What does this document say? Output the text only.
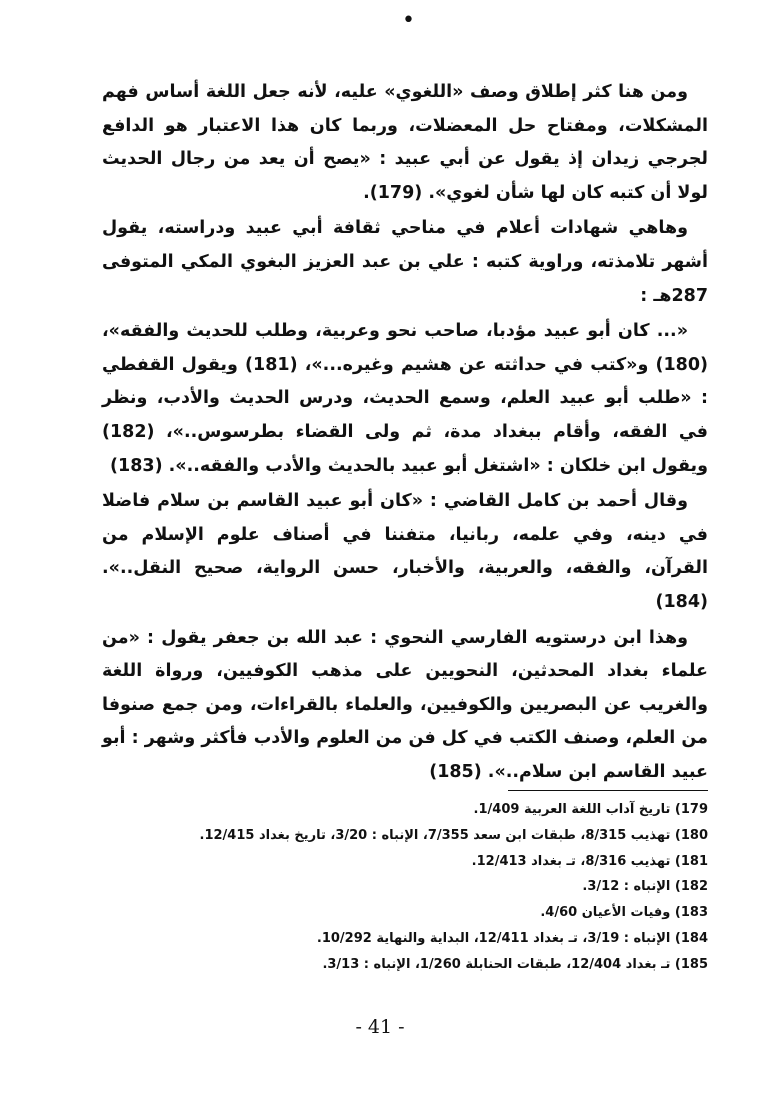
•

ومن هنا كثر إطلاق وصف «اللغوي» عليه، لأنه جعل اللغة أساس فهم المشكلات، ومفتاح حل المعضلات، وربما كان هذا الاعتبار هو الدافع لجرجي زيدان إذ يقول عن أبي عبيد : «يصح أن يعد من رجال الحديث لولا أن كتبه كان لها شأن لغوي». (179).

وهاهي شهادات أعلام في مناحي ثقافة أبي عبيد ودراسته، يقول أشهر تلامذته، وراوية كتبه : علي بن عبد العزيز البغوي المكي المتوفى 287هـ :

«... كان أبو عبيد مؤدبا، صاحب نحو وعربية، وطلب للحديث والفقه»، (180) و«كتب في حداثته عن هشيم وغيره...»، (181) ويقول القفطي : «طلب أبو عبيد العلم، وسمع الحديث، ودرس الحديث والأدب، ونظر في الفقه، وأقام ببغداد مدة، ثم ولى القضاء بطرسوس..»، (182) ويقول ابن خلكان : «اشتغل أبو عبيد بالحديث والأدب والفقه..». (183)

وقال أحمد بن كامل القاضي : «كان أبو عبيد القاسم بن سلام فاضلا في دينه، وفي علمه، ربانيا، متفننا في أصناف علوم الإسلام من القرآن، والفقه، والعربية، والأخبار، حسن الرواية، صحيح النقل..». (184)

وهذا ابن درستويه الفارسي النحوي : عبد الله بن جعفر يقول : «من علماء بغداد المحدثين، النحويين على مذهب الكوفيين، ورواة اللغة والغريب عن البصريين والكوفيين، والعلماء بالقراءات، ومن جمع صنوفا من العلم، وصنف الكتب في كل فن من العلوم والأدب فأكثر وشهر : أبو عبيد القاسم ابن سلام..». (185)

179) تاريخ آداب اللغة العربية 1/409.

180) تهذيب 8/315، طبقات ابن سعد 7/355، الإنباه : 3/20، تاريخ بغداد 12/415.

181) تهذيب 8/316، تـ بغداد 12/413.

182) الإنباه : 3/12.

183) وفيات الأعيان 4/60.

184) الإنباه : 3/19، تـ بغداد 12/411، البداية والنهاية 10/292.

185) تـ بغداد 12/404، طبقات الحنابلة 1/260، الإنباه : 3/13.

- 41 -
